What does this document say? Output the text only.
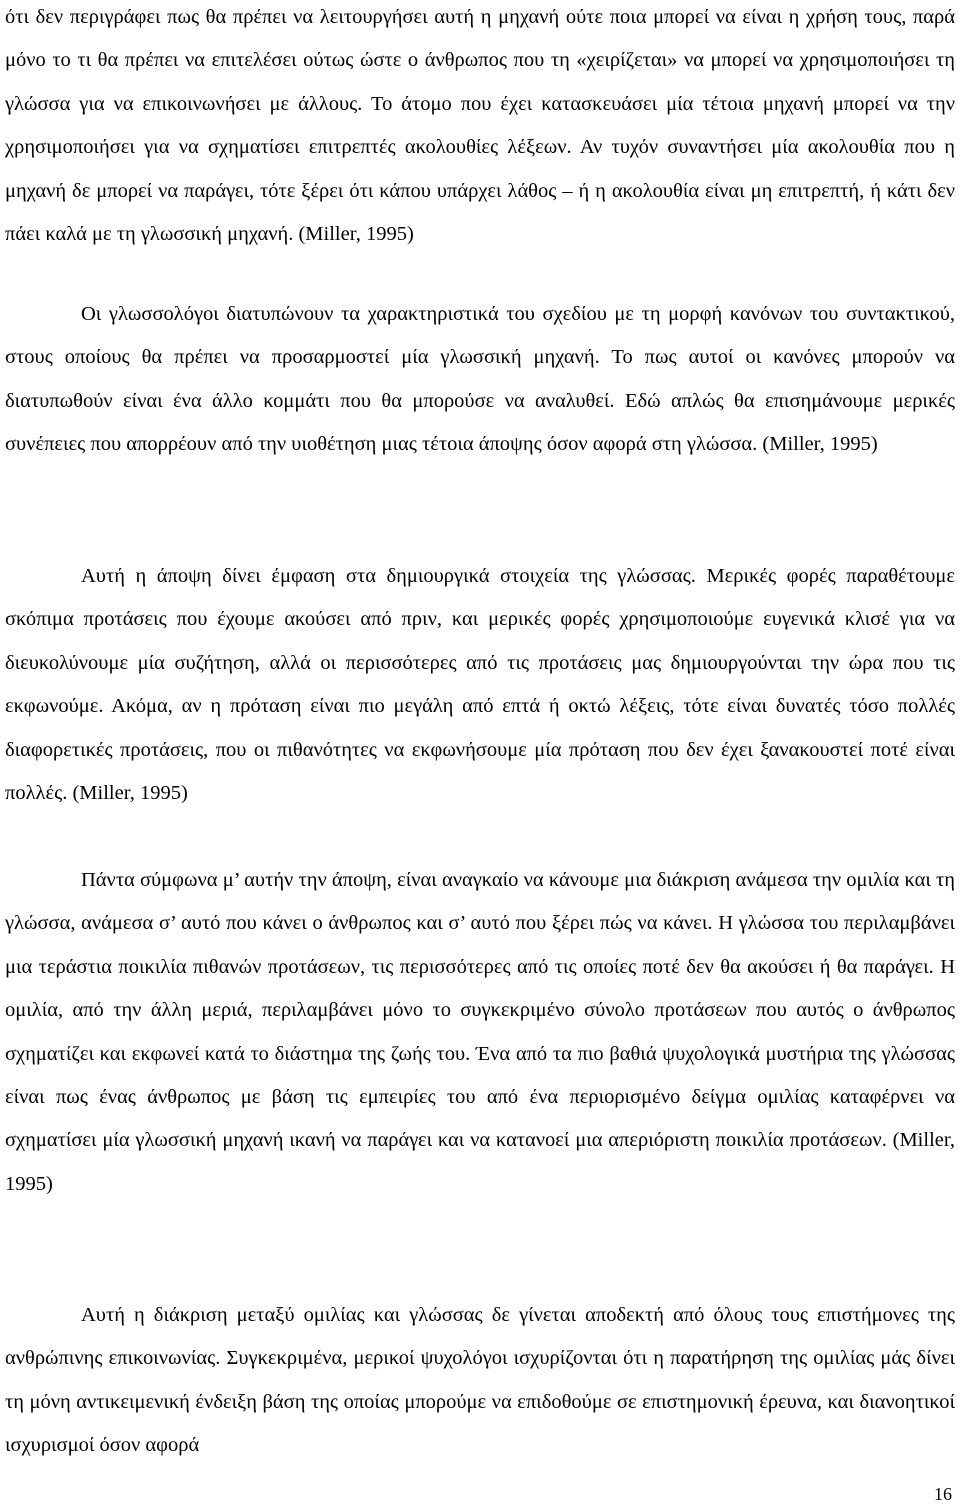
ότι δεν περιγράφει πως θα πρέπει να λειτουργήσει αυτή η μηχανή ούτε ποια μπορεί να είναι η χρήση τους, παρά μόνο το τι θα πρέπει να επιτελέσει ούτως ώστε ο άνθρωπος που τη «χειρίζεται» να μπορεί να χρησιμοποιήσει τη γλώσσα για να επικοινωνήσει με άλλους. Το άτομο που έχει κατασκευάσει μία τέτοια μηχανή μπορεί να την χρησιμοποιήσει για να σχηματίσει επιτρεπτές ακολουθίες λέξεων. Αν τυχόν συναντήσει μία ακολουθία που η μηχανή δε μπορεί να παράγει, τότε ξέρει ότι κάπου υπάρχει λάθος – ή η ακολουθία είναι μη επιτρεπτή, ή κάτι δεν πάει καλά με τη γλωσσική μηχανή. (Miller, 1995)

Οι γλωσσολόγοι διατυπώνουν τα χαρακτηριστικά του σχεδίου με τη μορφή κανόνων του συντακτικού, στους οποίους θα πρέπει να προσαρμοστεί μία γλωσσική μηχανή. Το πως αυτοί οι κανόνες μπορούν να διατυπωθούν είναι ένα άλλο κομμάτι που θα μπορούσε να αναλυθεί. Εδώ απλώς θα επισημάνουμε μερικές συνέπειες που απορρέουν από την υιοθέτηση μιας τέτοια άποψης όσον αφορά στη γλώσσα. (Miller, 1995)

Αυτή η άποψη δίνει έμφαση στα δημιουργικά στοιχεία της γλώσσας. Μερικές φορές παραθέτουμε σκόπιμα προτάσεις που έχουμε ακούσει από πριν, και μερικές φορές χρησιμοποιούμε ευγενικά κλισέ για να διευκολύνουμε μία συζήτηση, αλλά οι περισσότερες από τις προτάσεις μας δημιουργούνται την ώρα που τις εκφωνούμε. Ακόμα, αν η πρόταση είναι πιο μεγάλη από επτά ή οκτώ λέξεις, τότε είναι δυνατές τόσο πολλές διαφορετικές προτάσεις, που οι πιθανότητες να εκφωνήσουμε μία πρόταση που δεν έχει ξανακουστεί ποτέ είναι πολλές. (Miller, 1995)

Πάντα σύμφωνα μ’ αυτήν την άποψη, είναι αναγκαίο να κάνουμε μια διάκριση ανάμεσα την ομιλία και τη γλώσσα, ανάμεσα σ’ αυτό που κάνει ο άνθρωπος και σ’ αυτό που ξέρει πώς να κάνει. Η γλώσσα του περιλαμβάνει μια τεράστια ποικιλία πιθανών προτάσεων, τις περισσότερες από τις οποίες ποτέ δεν θα ακούσει ή θα παράγει. Η ομιλία, από την άλλη μεριά, περιλαμβάνει μόνο το συγκεκριμένο σύνολο προτάσεων που αυτός ο άνθρωπος σχηματίζει και εκφωνεί κατά το διάστημα της ζωής του. Ένα από τα πιο βαθιά ψυχολογικά μυστήρια της γλώσσας είναι πως ένας άνθρωπος με βάση τις εμπειρίες του από ένα περιορισμένο δείγμα ομιλίας καταφέρνει να σχηματίσει μία γλωσσική μηχανή ικανή να παράγει και να κατανοεί μια απεριόριστη ποικιλία προτάσεων. (Miller, 1995)

Αυτή η διάκριση μεταξύ ομιλίας και γλώσσας δε γίνεται αποδεκτή από όλους τους επιστήμονες της ανθρώπινης επικοινωνίας. Συγκεκριμένα, μερικοί ψυχολόγοι ισχυρίζονται ότι η παρατήρηση της ομιλίας μάς δίνει τη μόνη αντικειμενική ένδειξη βάση της οποίας μπορούμε να επιδοθούμε σε επιστημονική έρευνα, και διανοητικοί ισχυρισμοί όσον αφορά

16
